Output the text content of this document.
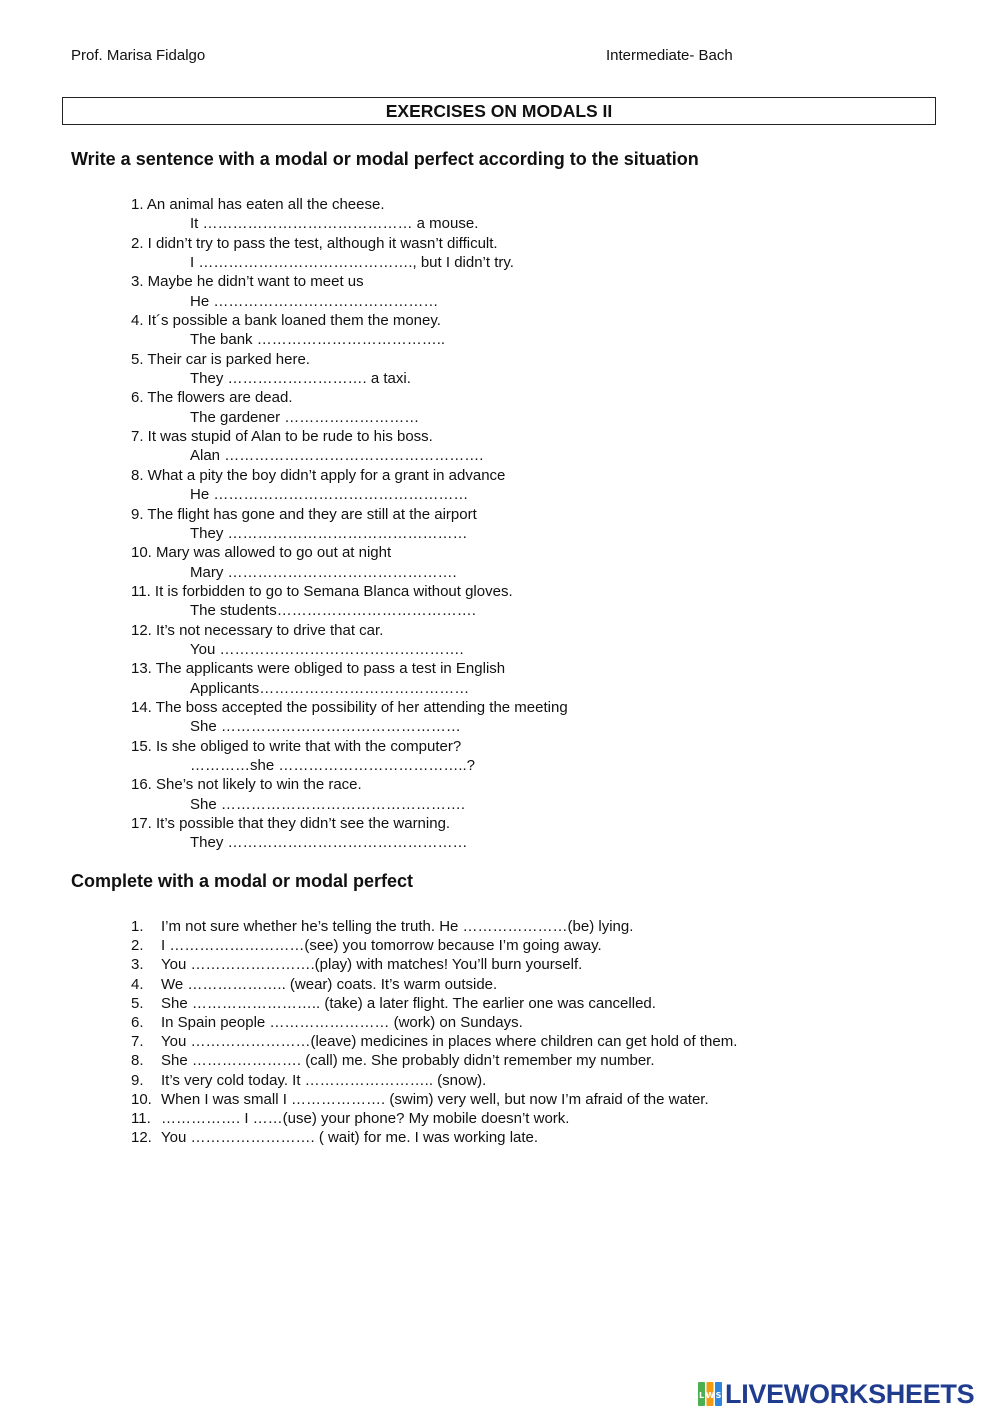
Prof. Marisa Fidalgo	Intermediate- Bach
EXERCISES ON MODALS II
Write a sentence with a modal or modal perfect according to the situation
1. An animal has eaten all the cheese.
It …………………………………… a mouse.
2. I didn’t try to pass the test, although it wasn’t difficult.
I ……………………………………., but I didn’t try.
3. Maybe he didn’t want to meet us
He ………………………………………
4. It´s possible a bank loaned them the money.
The bank ………………………………..
5. Their car is parked here.
They ………………………. a taxi.
6. The flowers are dead.
The gardener ………………………
7. It was stupid of Alan to be rude to his boss.
Alan …………………………………………….
8. What a pity the boy didn’t apply for a grant in advance
He ……………………………………………
9. The flight has gone and they are still at the airport
They …………………………………………
10. Mary was allowed to go out at night
Mary ……………………………………….
11. It is forbidden to go to Semana Blanca without gloves.
The students………………………………….
12. It’s not necessary to drive that car.
You ………………………………………….
13. The applicants were obliged to pass a test in English
Applicants……………………………………
14. The boss accepted the possibility of her attending the meeting
She …………………………………………
15. Is she obliged to write that with the computer?
…………she ………………………………..?
16. She’s not likely to win the race.
She ………………………………………….
17. It’s possible that they didn’t see the warning.
They …………………………………………
Complete with a modal or modal perfect
1. I’m not sure whether he’s telling the truth. He …………………(be) lying.
2. I ………………………(see) you tomorrow because I’m going away.
3. You …………………….(play) with matches! You’ll burn yourself.
4. We ……………….. (wear) coats. It’s warm outside.
5. She …………………….. (take) a later flight. The earlier one was cancelled.
6. In Spain people …………………… (work) on Sundays.
7. You ……………………(leave) medicines in places where children can get hold of them.
8. She …………………. (call) me. She probably didn’t remember my number.
9. It’s very cold today. It …………………….. (snow).
10. When I was small I ………………. (swim) very well, but now I’m afraid of the water.
11. ……………. I ……(use) your phone? My mobile doesn’t work.
12. You ……………………. ( wait) for me. I was working late.
L W S LIVEWORKSHEETS
